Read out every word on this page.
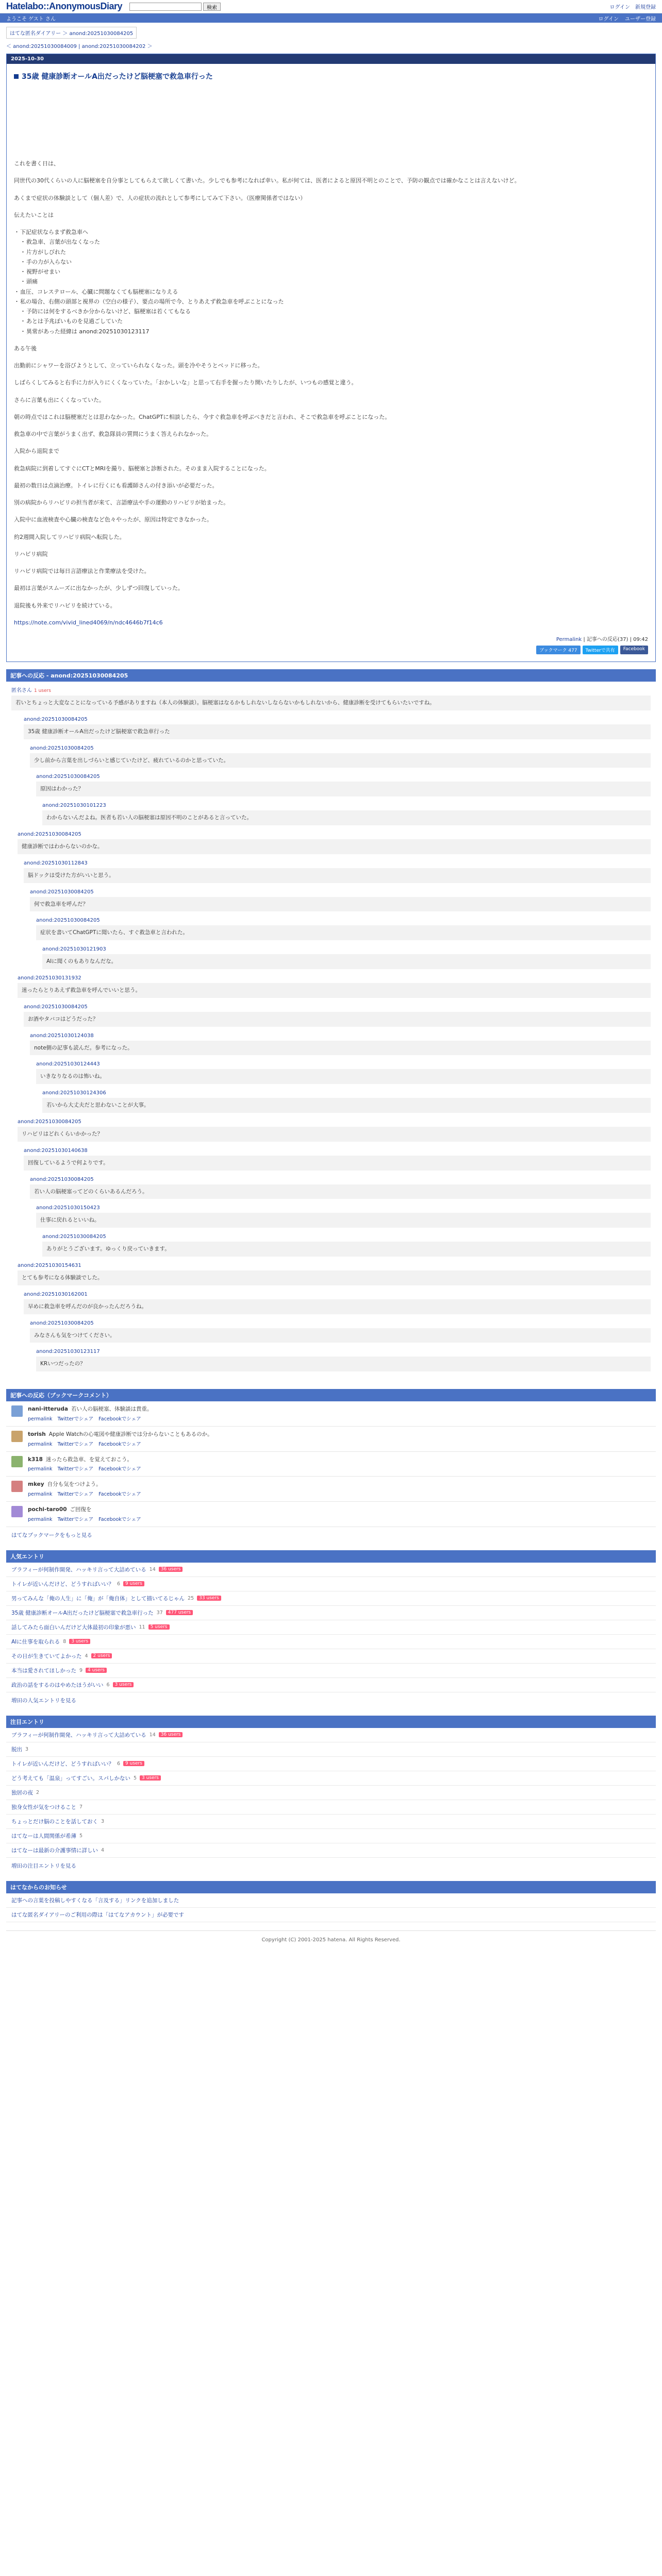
Hatelabo::AnonymousDiary	検索	ログイン 新規登録
ようこそ ゲスト さん	ログイン ユーザー登録
はてな匿名ダイアリー ＞ anond:20251030084205
＜ anond:20251030084009 | anond:20251030084202 ＞
2025-10-30
35歳 健康診断オールA出だったけど脳梗塞で救急車行った

これを書く日は、

同世代の30代くらいの人に脳梗塞を自分事としてもらえて欲しくて書いた。少しでも参考になれば幸い。私が何ては、医者によると原因不明とのことで、予防の観点では確かなことは言えないけど。

あくまで症状の体験談として（個人差）で、人の症状の流れとして参考にしてみて下さい。（医療関係者ではない）

伝えたいことは

・ 下記症状ならまず救急車へ
・ 救急車、言葉が出なくなった
・ 片方がしびれた
・ 手の力が入らない
・ 視野がせまい
・ 頭痛
・ 血圧、コレステロール、心臓に問題なくても脳梗塞になりえる
・ 私の場合、右側の頭部と視界の（空白の様子）、要点の場所で今、とりあえず救急車を呼ぶことになった
・ 予防には何をするべきか分からないけど、脳梗塞は若くてもなる
・ あとは予兆ぽいものを見過ごしていた
・ 異常があった経緯は anond:20251030123117

ある午後

出勤前にシャワーを浴びようとして、立っていられなくなった。頭を冷やそうとベッドに移った。

しばらくしてみると右手に力が入りにくくなっていた。「おかしいな」と思って右手を握ったり開いたりしたが、いつもの感覚と違う。

さらに言葉も出にくくなっていた。

朝の時点ではこれは脳梗塞だとは思わなかった。ChatGPTに相談したら、今すぐ救急車を呼ぶべきだと言われ、そこで救急車を呼ぶことになった。

救急車の中で言葉がうまく出ず、救急隊員の質問にうまく答えられなかった。

入院から退院まで

救急病院に到着してすぐにCTとMRIを撮り、脳梗塞と診断された。そのまま入院することになった。

最初の数日は点滴治療。トイレに行くにも看護師さんの付き添いが必要だった。

別の病院からリハビリの担当者が来て、言語療法や手の運動のリハビリが始まった。

入院中に血液検査や心臓の検査など色々やったが、原因は特定できなかった。

約2週間入院してリハビリ病院へ転院した。

リハビリ病院

リハビリ病院では毎日言語療法と作業療法を受けた。

最初は言葉がスムーズに出なかったが、少しずつ回復していった。

退院後も外来でリハビリを続けている。

https://note.com/vivid_lined4069/n/ndc4646b7f14c6

Permalink | 記事への反応(37) | 09:42
ブックマーク 477	Twitterで共有	Facebook
記事への反応 - anond:20251030084205
匿名さん 1 users
若いとちょっと大変なことになっている予感がありますね（本人の体験談）。脳梗塞はなるかもしれないしならないかもしれないから、健康診断を受けてもらいたいですね。
anond:20251030084205
35歳 健康診断オールA出だったけど脳梗塞で救急車行った
anond:20251030084205
少し前から言葉を出しづらいと感じていたけど、疲れているのかと思っていた。
anond:20251030084205
原因はわかった？
anond:20251030101223
わからないんだよね。医者も若い人の脳梗塞は原因不明のことがあると言っていた。
anond:20251030084205
健康診断ではわからないのかな。
anond:20251030112843
脳ドックは受けた方がいいと思う。
anond:20251030084205
何で救急車を呼んだ？
anond:20251030084205
症状を書いてChatGPTに聞いたら、すぐ救急車と言われた。
anond:20251030121903
AIに聞くのもありなんだな。
anond:20251030131932
迷ったらとりあえず救急車を呼んでいいと思う。
anond:20251030084205
お酒やタバコはどうだった？
anond:20251030124038
note側の記事も読んだ。参考になった。
anond:20251030124443
いきなりなるのは怖いね。
anond:20251030124306
若いから大丈夫だと思わないことが大事。
anond:20251030084205
リハビリはどれくらいかかった？
anond:20251030140638
回復しているようで何よりです。
anond:20251030084205
若い人の脳梗塞ってどのくらいあるんだろう。
anond:20251030150423
仕事に戻れるといいね。
anond:20251030084205
ありがとうございます。ゆっくり戻っていきます。
anond:20251030154631
とても参考になる体験談でした。
anond:20251030162001
早めに救急車を呼んだのが良かったんだろうね。
anond:20251030084205
みなさんも気をつけてください。
anond:20251030123117
KRいつだったの？
記事への反応（ブックマークコメント）
nani-itteruda 若い人の脳梗塞、体験談は貴重。
permalink Twitterでシェア Facebookでシェア
torish Apple Watchの心電図や健康診断では分からないこともあるのか。
permalink Twitterでシェア Facebookでシェア
k318 迷ったら救急車、を覚えておこう。
permalink Twitterでシェア Facebookでシェア
mkey 自分も気をつけよう。
permalink Twitterでシェア Facebookでシェア
pochi-taro00 ご回復を
permalink Twitterでシェア Facebookでシェア
はてなブックマークをもっと見る
人気エントリ
ブラフィーが何制作開発、ハッキリ言って大詰めている 14	36 users
トイレが近いんだけど、どうすればいい？ 6	9 users
男ってみんな「俺の人生」に「俺」が「俺自体」として描いてるじゃん 25	33 users
35歳 健康診断オールA出だったけど脳梗塞で救急車行った 37	477 users
話してみたら面白いんだけど大体最初の印象が悪い 11	5 users
AIに仕事を取られる 8	3 users
その日が生きていてよかった 4	2 users
本当は愛されてほしかった 9	4 users
政治の話をするのはやめたほうがいい 6	3 users
増田の人気エントリを見る
注目エントリ
ブラフィーが何制作開発、ハッキリ言って大詰めている 14	36 users
脱出 3
トイレが近いんだけど、どうすればいい？ 6	9 users
どう考えても「温泉」ってすごい。スパしかない 5	3 users
独居の夜 2
独身女性が気をつけること 7
ちょっとだけ脳のことを話しておく 3
はてなーは人間関係が希薄 5
はてなーは最新の介護事情に詳しい 4
増田の注目エントリを見る
はてなからのお知らせ
記事への言葉を投稿しやすくなる「言及する」リンクを追加しました
はてな匿名ダイアリーのご利用の際は「はてなアカウント」が必要です
Copyright (C) 2001-2025 hatena. All Rights Reserved.
